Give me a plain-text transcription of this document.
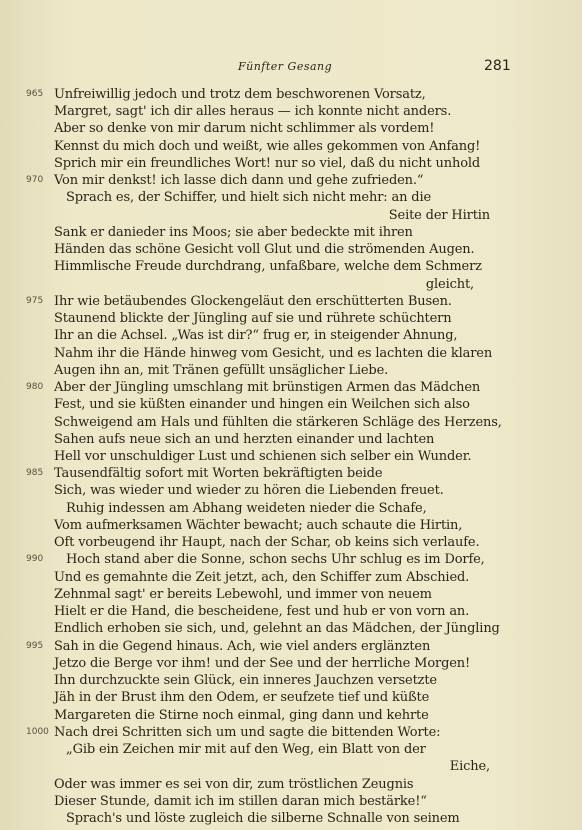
Fünfter Gesang	281
965
970
975
980
985
990
995
1000
Unfreiwillig jedoch und trotz dem beschworenen Vorsatz,
Margret, sagt' ich dir alles heraus — ich konnte nicht anders.
Aber so denke von mir darum nicht schlimmer als vordem!
Kennst du mich doch und weißt, wie alles gekommen von Anfang!
Sprich mir ein freundliches Wort! nur so viel, daß du nicht unhold
Von mir denkst! ich lasse dich dann und gehe zufrieden.“
Sprach es, der Schiffer, und hielt sich nicht mehr: an die
Seite der Hirtin
Sank er danieder ins Moos; sie aber bedeckte mit ihren
Händen das schöne Gesicht voll Glut und die strömenden Augen.
Himmlische Freude durchdrang, unfaßbare, welche dem Schmerz
gleicht,
Ihr wie betäubendes Glockengeläut den erschütterten Busen.
Staunend blickte der Jüngling auf sie und rührete schüchtern
Ihr an die Achsel. „Was ist dir?“ frug er, in steigender Ahnung,
Nahm ihr die Hände hinweg vom Gesicht, und es lachten die klaren
Augen ihn an, mit Tränen gefüllt unsäglicher Liebe.
Aber der Jüngling umschlang mit brünstigen Armen das Mädchen
Fest, und sie küßten einander und hingen ein Weilchen sich also
Schweigend am Hals und fühlten die stärkeren Schläge des Herzens,
Sahen aufs neue sich an und herzten einander und lachten
Hell vor unschuldiger Lust und schienen sich selber ein Wunder.
Tausendfältig sofort mit Worten bekräftigten beide
Sich, was wieder und wieder zu hören die Liebenden freuet.
Ruhig indessen am Abhang weideten nieder die Schafe,
Vom aufmerksamen Wächter bewacht; auch schaute die Hirtin,
Oft vorbeugend ihr Haupt, nach der Schar, ob keins sich verlaufe.
Hoch stand aber die Sonne, schon sechs Uhr schlug es im Dorfe,
Und es gemahnte die Zeit jetzt, ach, den Schiffer zum Abschied.
Zehnmal sagt' er bereits Lebewohl, und immer von neuem
Hielt er die Hand, die bescheidene, fest und hub er von vorn an.
Endlich erhoben sie sich, und, gelehnt an das Mädchen, der Jüngling
Sah in die Gegend hinaus. Ach, wie viel anders erglänzten
Jetzo die Berge vor ihm! und der See und der herrliche Morgen!
Ihn durchzuckte sein Glück, ein inneres Jauchzen versetzte
Jäh in der Brust ihm den Odem, er seufzete tief und küßte
Margareten die Stirne noch einmal, ging dann und kehrte
Nach drei Schritten sich um und sagte die bittenden Worte:
„Gib ein Zeichen mir mit auf den Weg, ein Blatt von der
Eiche,
Oder was immer es sei von dir, zum tröstlichen Zeugnis
Dieser Stunde, damit ich im stillen daran mich bestärke!“
Sprach's und löste zugleich die silberne Schnalle von seinem
